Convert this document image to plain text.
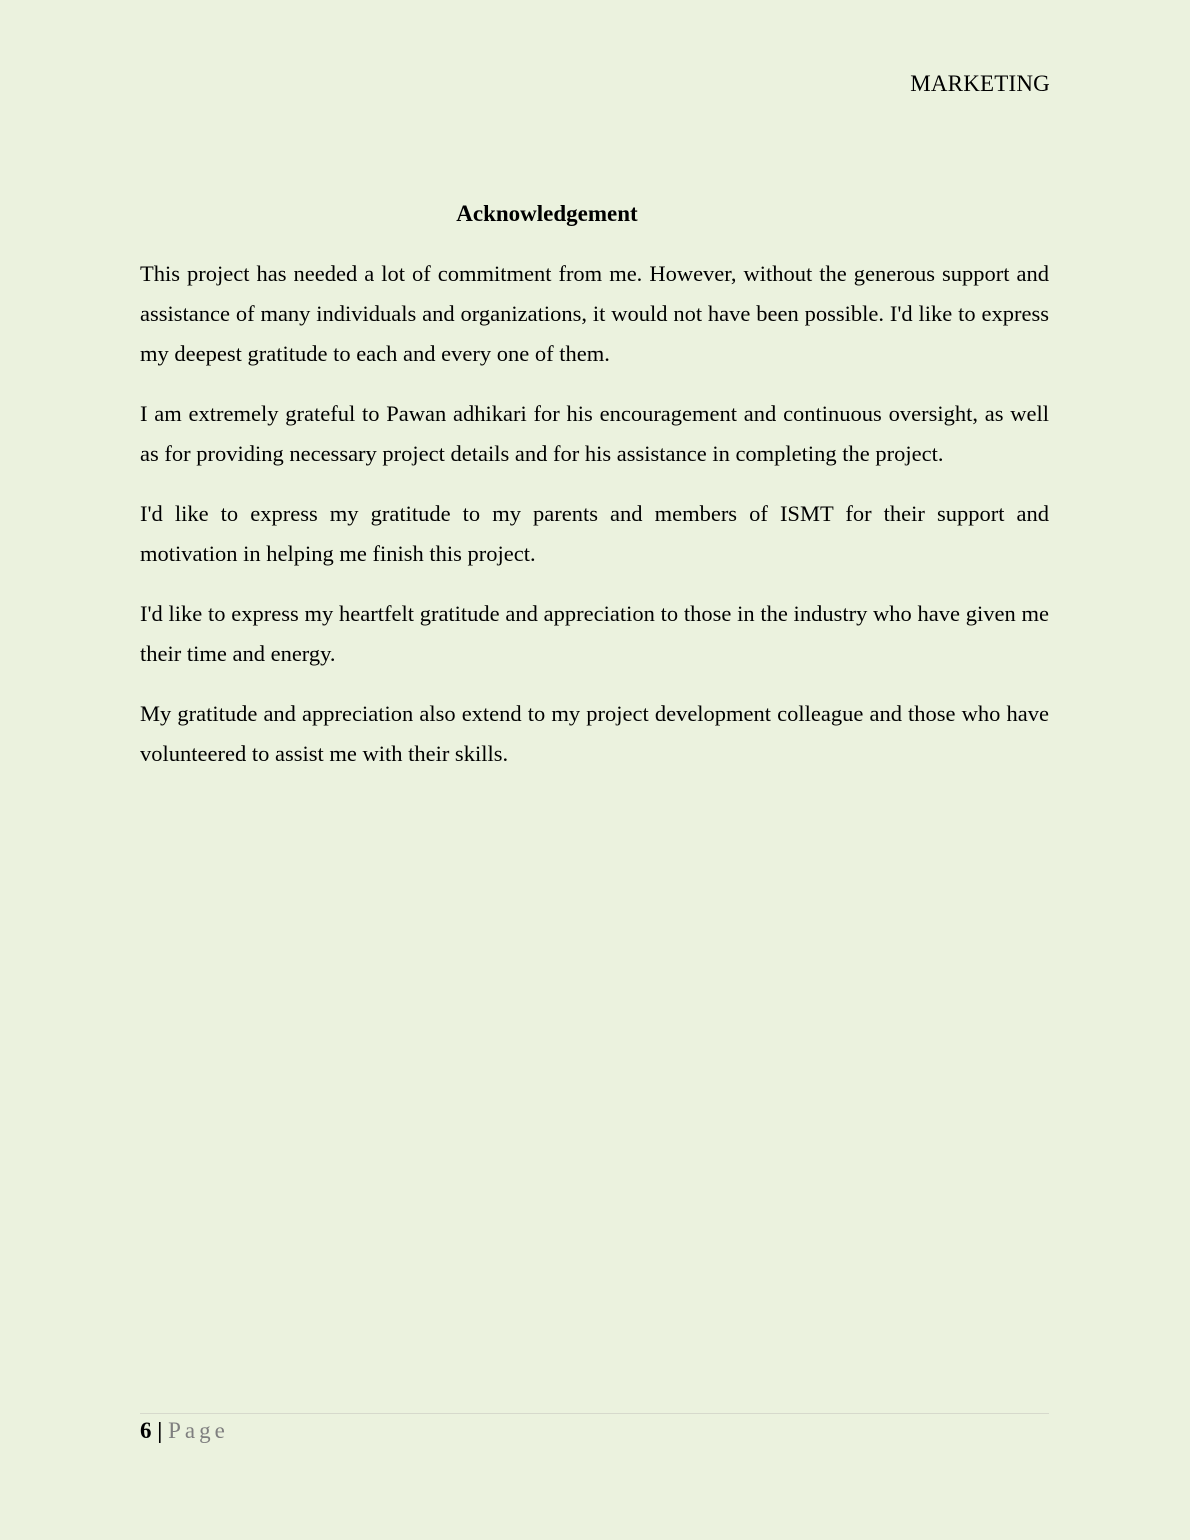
MARKETING
Acknowledgement

This project has needed a lot of commitment from me. However, without the generous support and assistance of many individuals and organizations, it would not have been possible. I'd like to express my deepest gratitude to each and every one of them.

I am extremely grateful to Pawan adhikari for his encouragement and continuous oversight, as well as for providing necessary project details and for his assistance in completing the project.

I'd like to express my gratitude to my parents and members of ISMT for their support and motivation in helping me finish this project.

I'd like to express my heartfelt gratitude and appreciation to those in the industry who have given me their time and energy.

My gratitude and appreciation also extend to my project development colleague and those who have volunteered to assist me with their skills.

6 | Page
